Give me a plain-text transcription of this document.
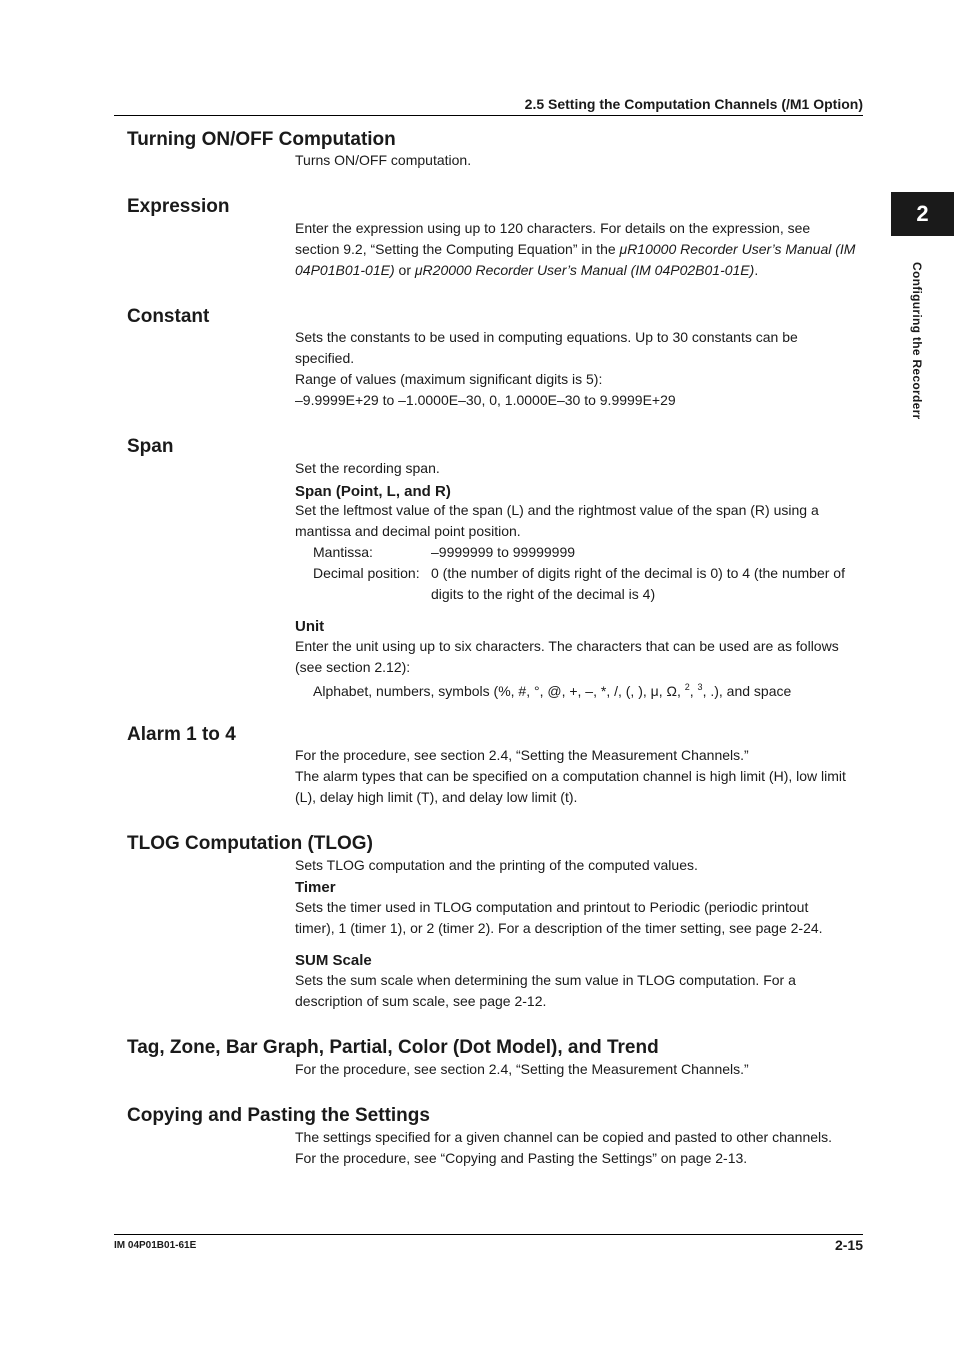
2.5 Setting the Computation Channels (/M1 Option)
2
Configuring the Recorderr
Turning ON/OFF Computation
Turns ON/OFF computation.
Expression
Enter the expression using up to 120 characters. For details on the expression, see
section 9.2, “Setting the Computing Equation” in the μR10000 Recorder User’s Manual (IM
04P01B01-01E) or μR20000 Recorder User’s Manual (IM 04P02B01-01E).
Constant
Sets the constants to be used in computing equations. Up to 30 constants can be
specified.
Range of values (maximum significant digits is 5):
–9.9999E+29 to –1.0000E–30, 0, 1.0000E–30 to 9.9999E+29
Span
Set the recording span.
Span (Point, L, and R)
Set the leftmost value of the span (L) and the rightmost value of the span (R) using a
mantissa and decimal point position.
Mantissa:	–9999999 to 99999999
Decimal position: 0 (the number of digits right of the decimal is 0) to 4 (the number of
digits to the right of the decimal is 4)
Unit
Enter the unit using up to six characters. The characters that can be used are as follows
(see section 2.12):
Alphabet, numbers, symbols (%, #, °, @, +, –, *, /, (, ), μ, Ω, $^2$, $^3$, .), and space
Alarm 1 to 4
For the procedure, see section 2.4, “Setting the Measurement Channels.”
The alarm types that can be specified on a computation channel is high limit (H), low limit
(L), delay high limit (T), and delay low limit (t).
TLOG Computation (TLOG)
Sets TLOG computation and the printing of the computed values.
Timer
Sets the timer used in TLOG computation and printout to Periodic (periodic printout
timer), 1 (timer 1), or 2 (timer 2). For a description of the timer setting, see page 2-24.
SUM Scale
Sets the sum scale when determining the sum value in TLOG computation. For a
description of sum scale, see page 2-12.
Tag, Zone, Bar Graph, Partial, Color (Dot Model), and Trend
For the procedure, see section 2.4, “Setting the Measurement Channels.”
Copying and Pasting the Settings
The settings specified for a given channel can be copied and pasted to other channels.
For the procedure, see “Copying and Pasting the Settings” on page 2-13.
IM 04P01B01-61E	2-15
